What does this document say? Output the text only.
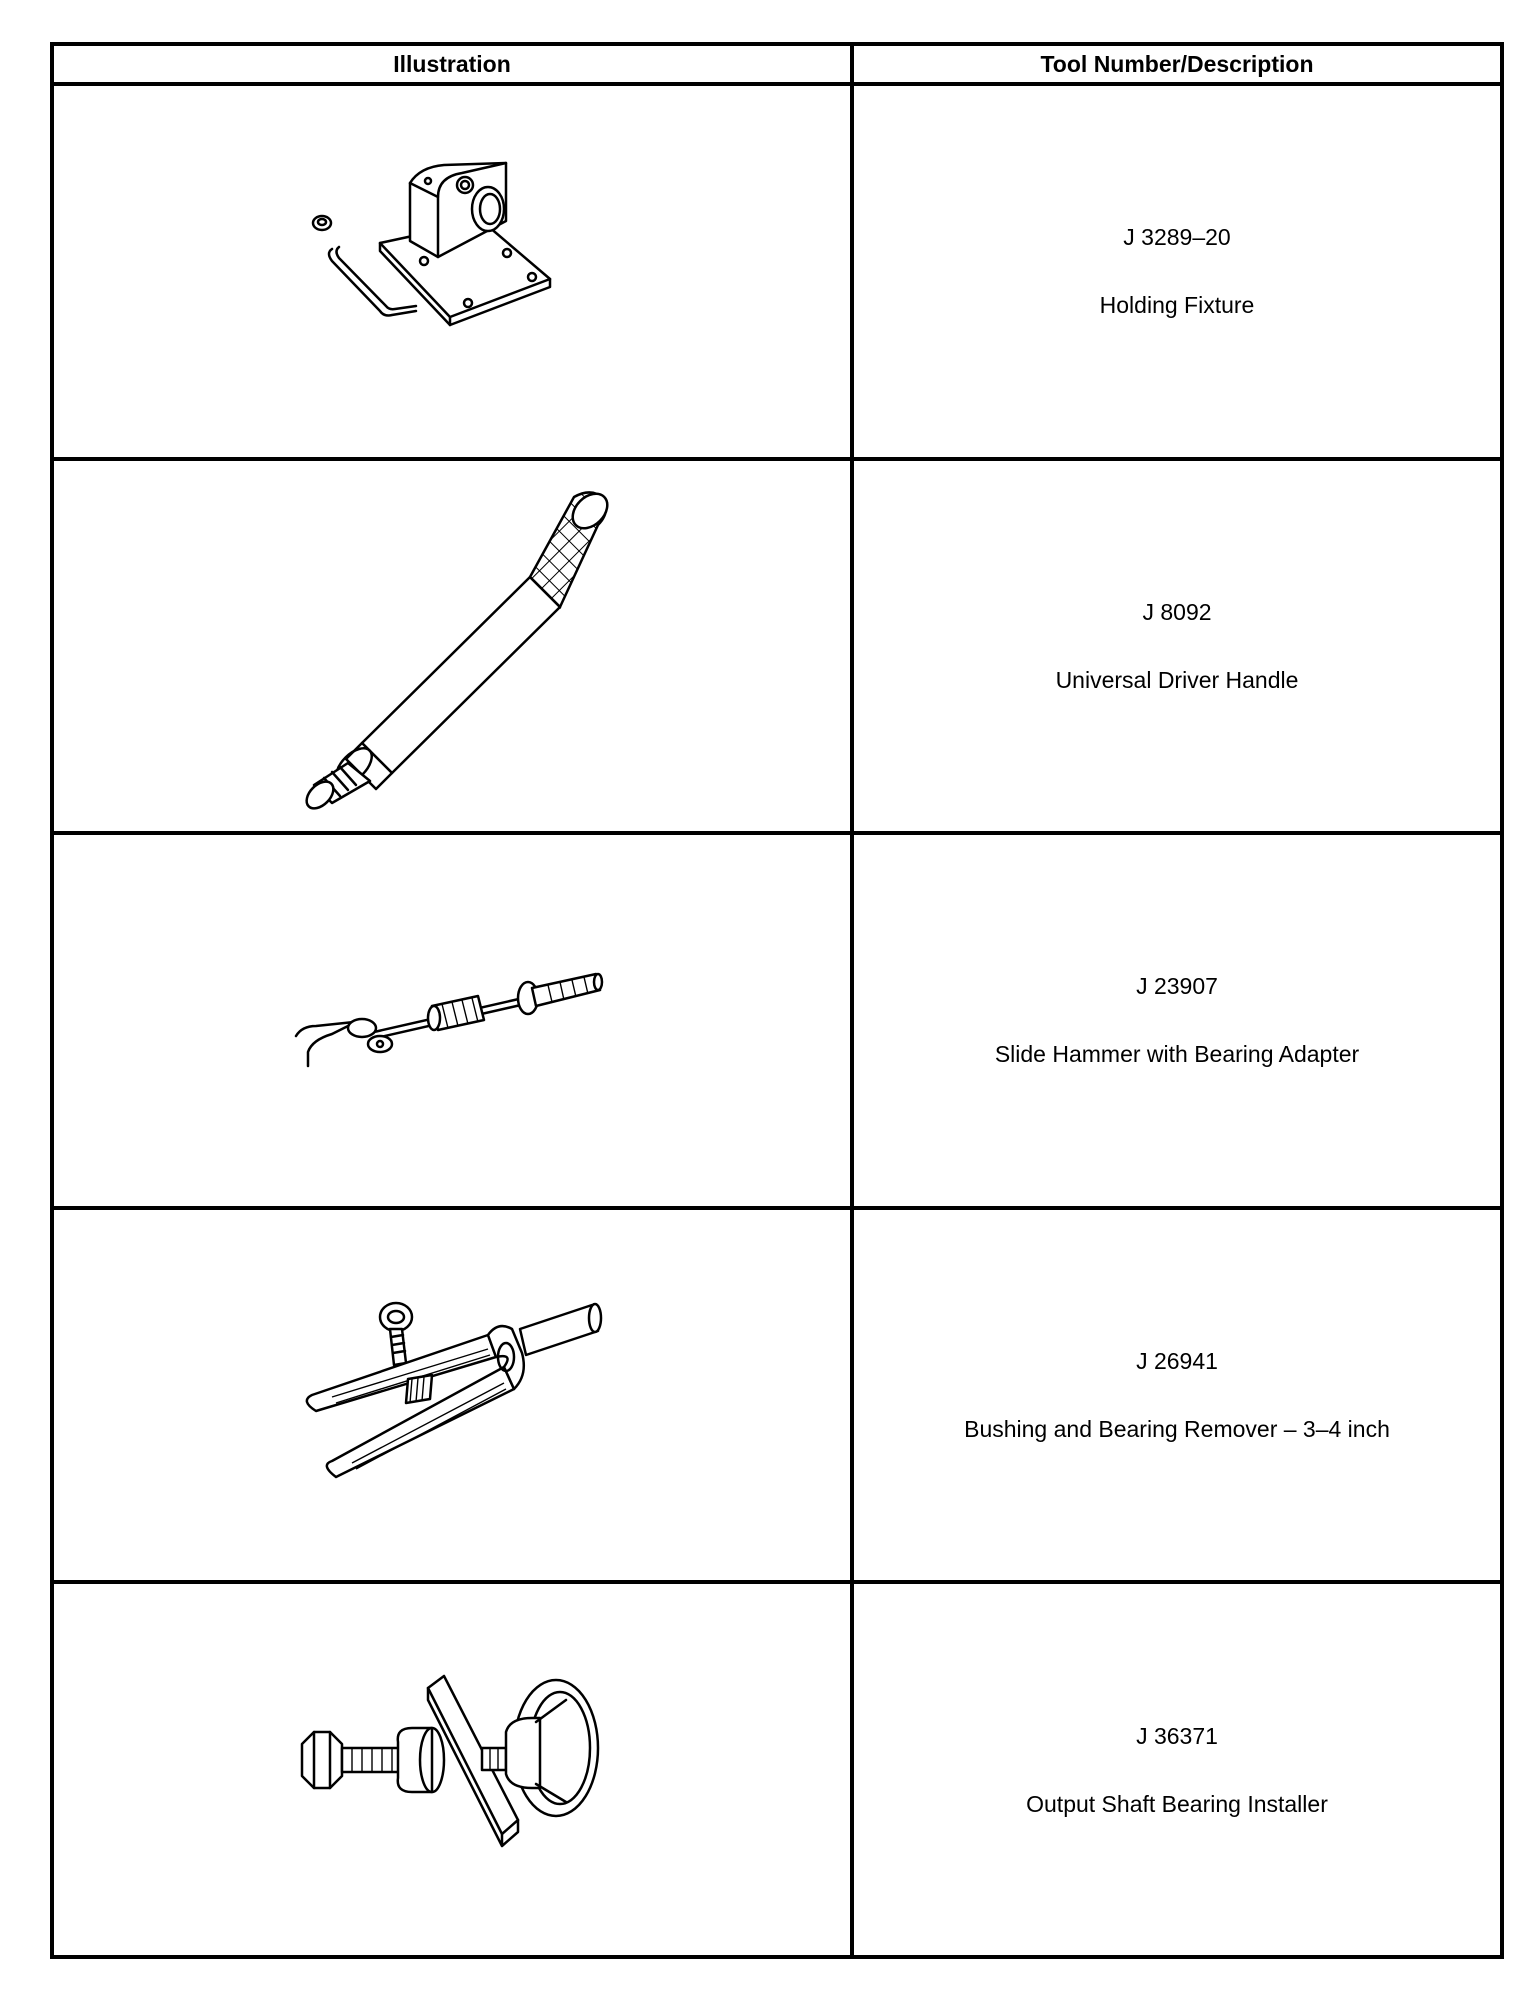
Illustration	Tool Number/Description

J 3289–20
Holding Fixture

J 8092
Universal Driver Handle

J 23907
Slide Hammer with Bearing Adapter

J 26941
Bushing and Bearing Remover – 3–4 inch

J 36371
Output Shaft Bearing Installer
